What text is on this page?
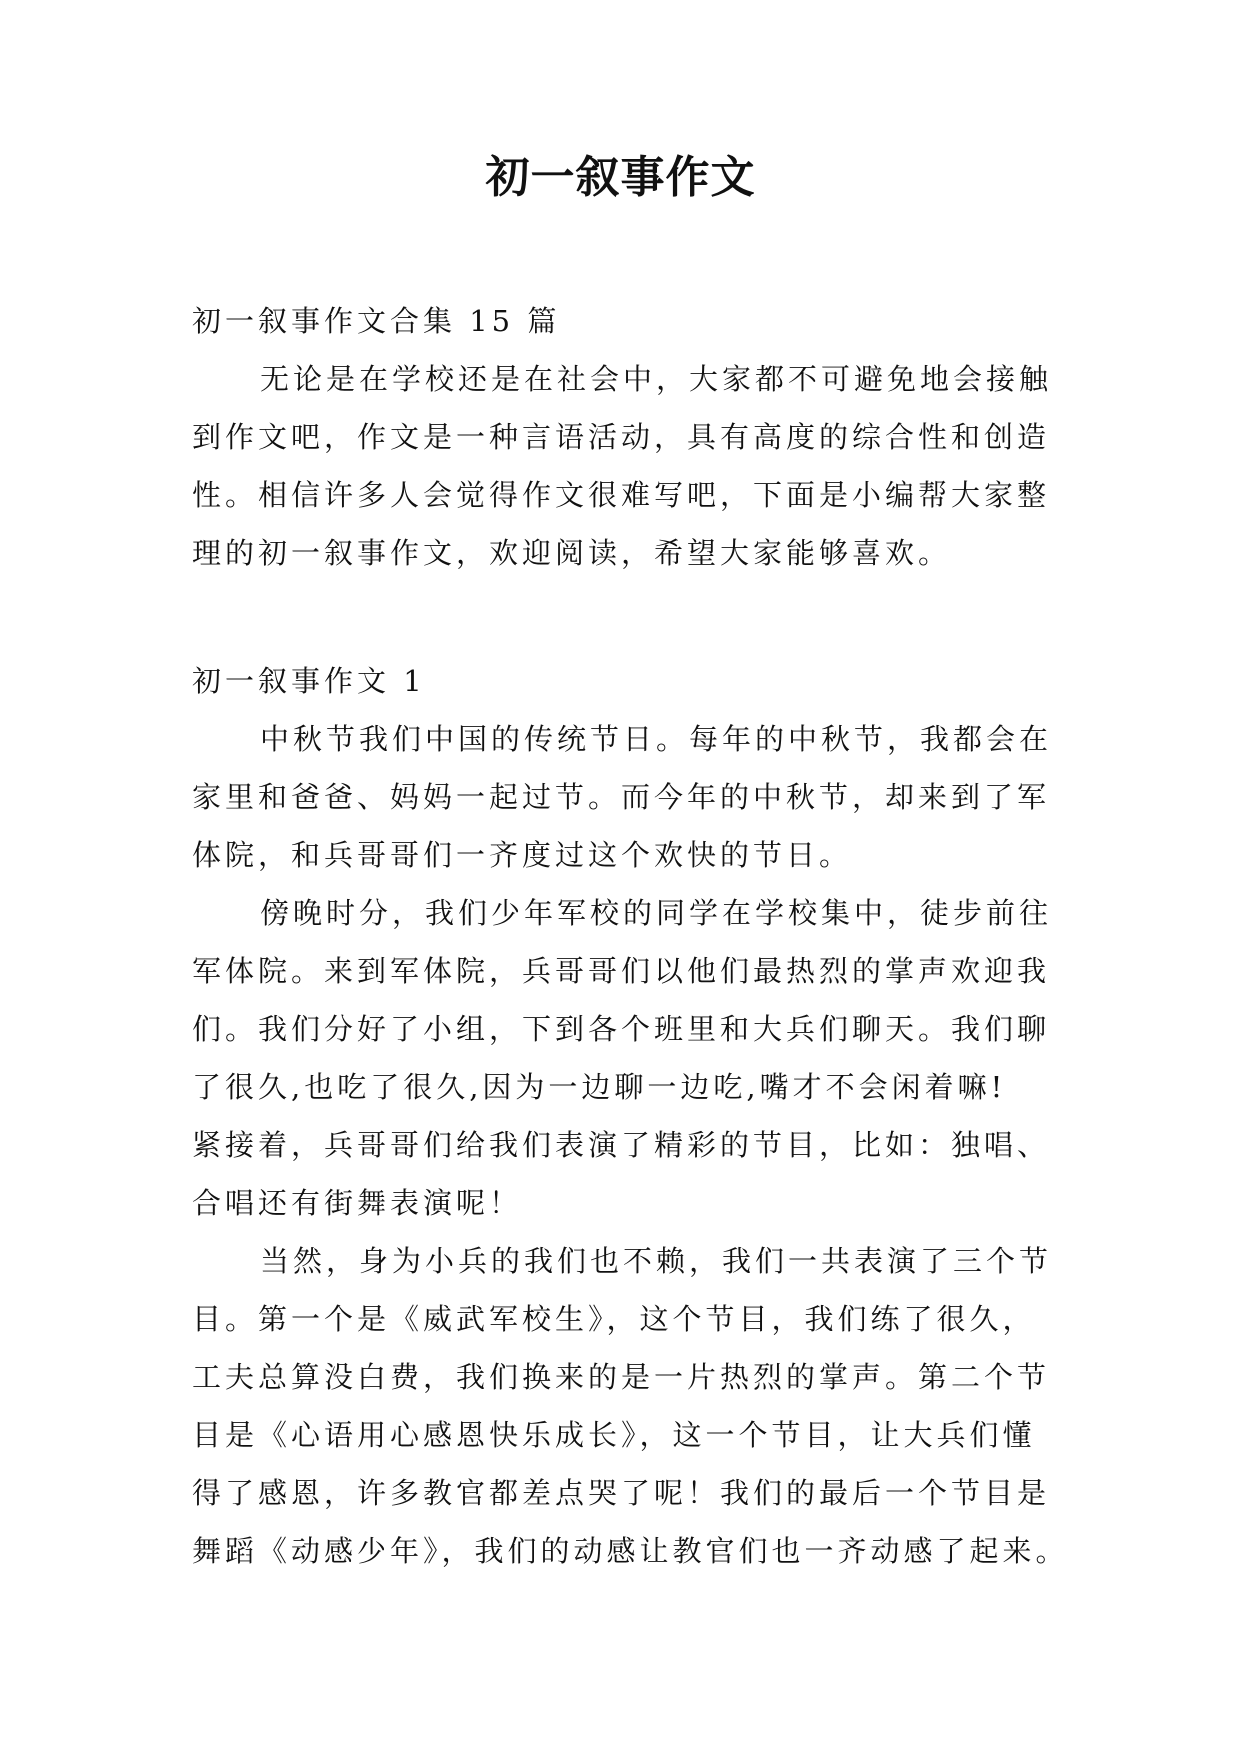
初一叙事作文
初一叙事作文合集 15 篇
无论是在学校还是在社会中，大家都不可避免地会接触
到作文吧，作文是一种言语活动，具有高度的综合性和创造
性。相信许多人会觉得作文很难写吧，下面是小编帮大家整
理的初一叙事作文，欢迎阅读，希望大家能够喜欢。
初一叙事作文 1
中秋节我们中国的传统节日。每年的中秋节，我都会在
家里和爸爸、妈妈一起过节。而今年的中秋节，却来到了军
体院，和兵哥哥们一齐度过这个欢快的节日。
傍晚时分，我们少年军校的同学在学校集中，徒步前往
军体院。来到军体院，兵哥哥们以他们最热烈的掌声欢迎我
们。我们分好了小组，下到各个班里和大兵们聊天。我们聊
了很久,也吃了很久,因为一边聊一边吃,嘴才不会闲着嘛!
紧接着，兵哥哥们给我们表演了精彩的节目，比如：独唱、
合唱还有街舞表演呢！
当然，身为小兵的我们也不赖，我们一共表演了三个节
目。第一个是《威武军校生》，这个节目，我们练了很久，
工夫总算没白费，我们换来的是一片热烈的掌声。第二个节
目是《心语用心感恩快乐成长》，这一个节目，让大兵们懂
得了感恩，许多教官都差点哭了呢！我们的最后一个节目是
舞蹈《动感少年》，我们的动感让教官们也一齐动感了起来。
